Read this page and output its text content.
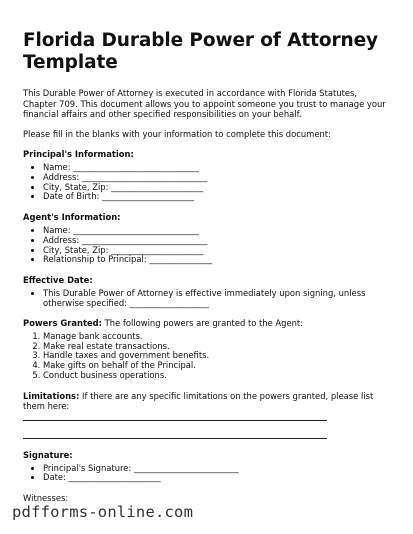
Florida Durable Power of Attorney Template

This Durable Power of Attorney is executed in accordance with Florida Statutes, Chapter 709. This document allows you to appoint someone you trust to manage your financial affairs and other specified responsibilities on your behalf.

Please fill in the blanks with your information to complete this document:

Principal's Information:
• Name: ______________________________
• Address: ______________________________
• City, State, Zip: ______________________
• Date of Birth: ______________________
Agent's Information:
• Name: ______________________________
• Address: ______________________________
• City, State, Zip: ______________________
• Relationship to Principal: _______________
Effective Date:
• This Durable Power of Attorney is effective immediately upon signing, unless otherwise specified: ___________________

Powers Granted: The following powers are granted to the Agent:

1. Manage bank accounts.
2. Make real estate transactions.
3. Handle taxes and government benefits.
4. Make gifts on behalf of the Principal.
5. Conduct business operations.

Limitations: If there are any specific limitations on the powers granted, please list them here:

Signature:
• Principal's Signature: _________________________
• Date: ______________________

Witnesses:

pdfforms-online.com
